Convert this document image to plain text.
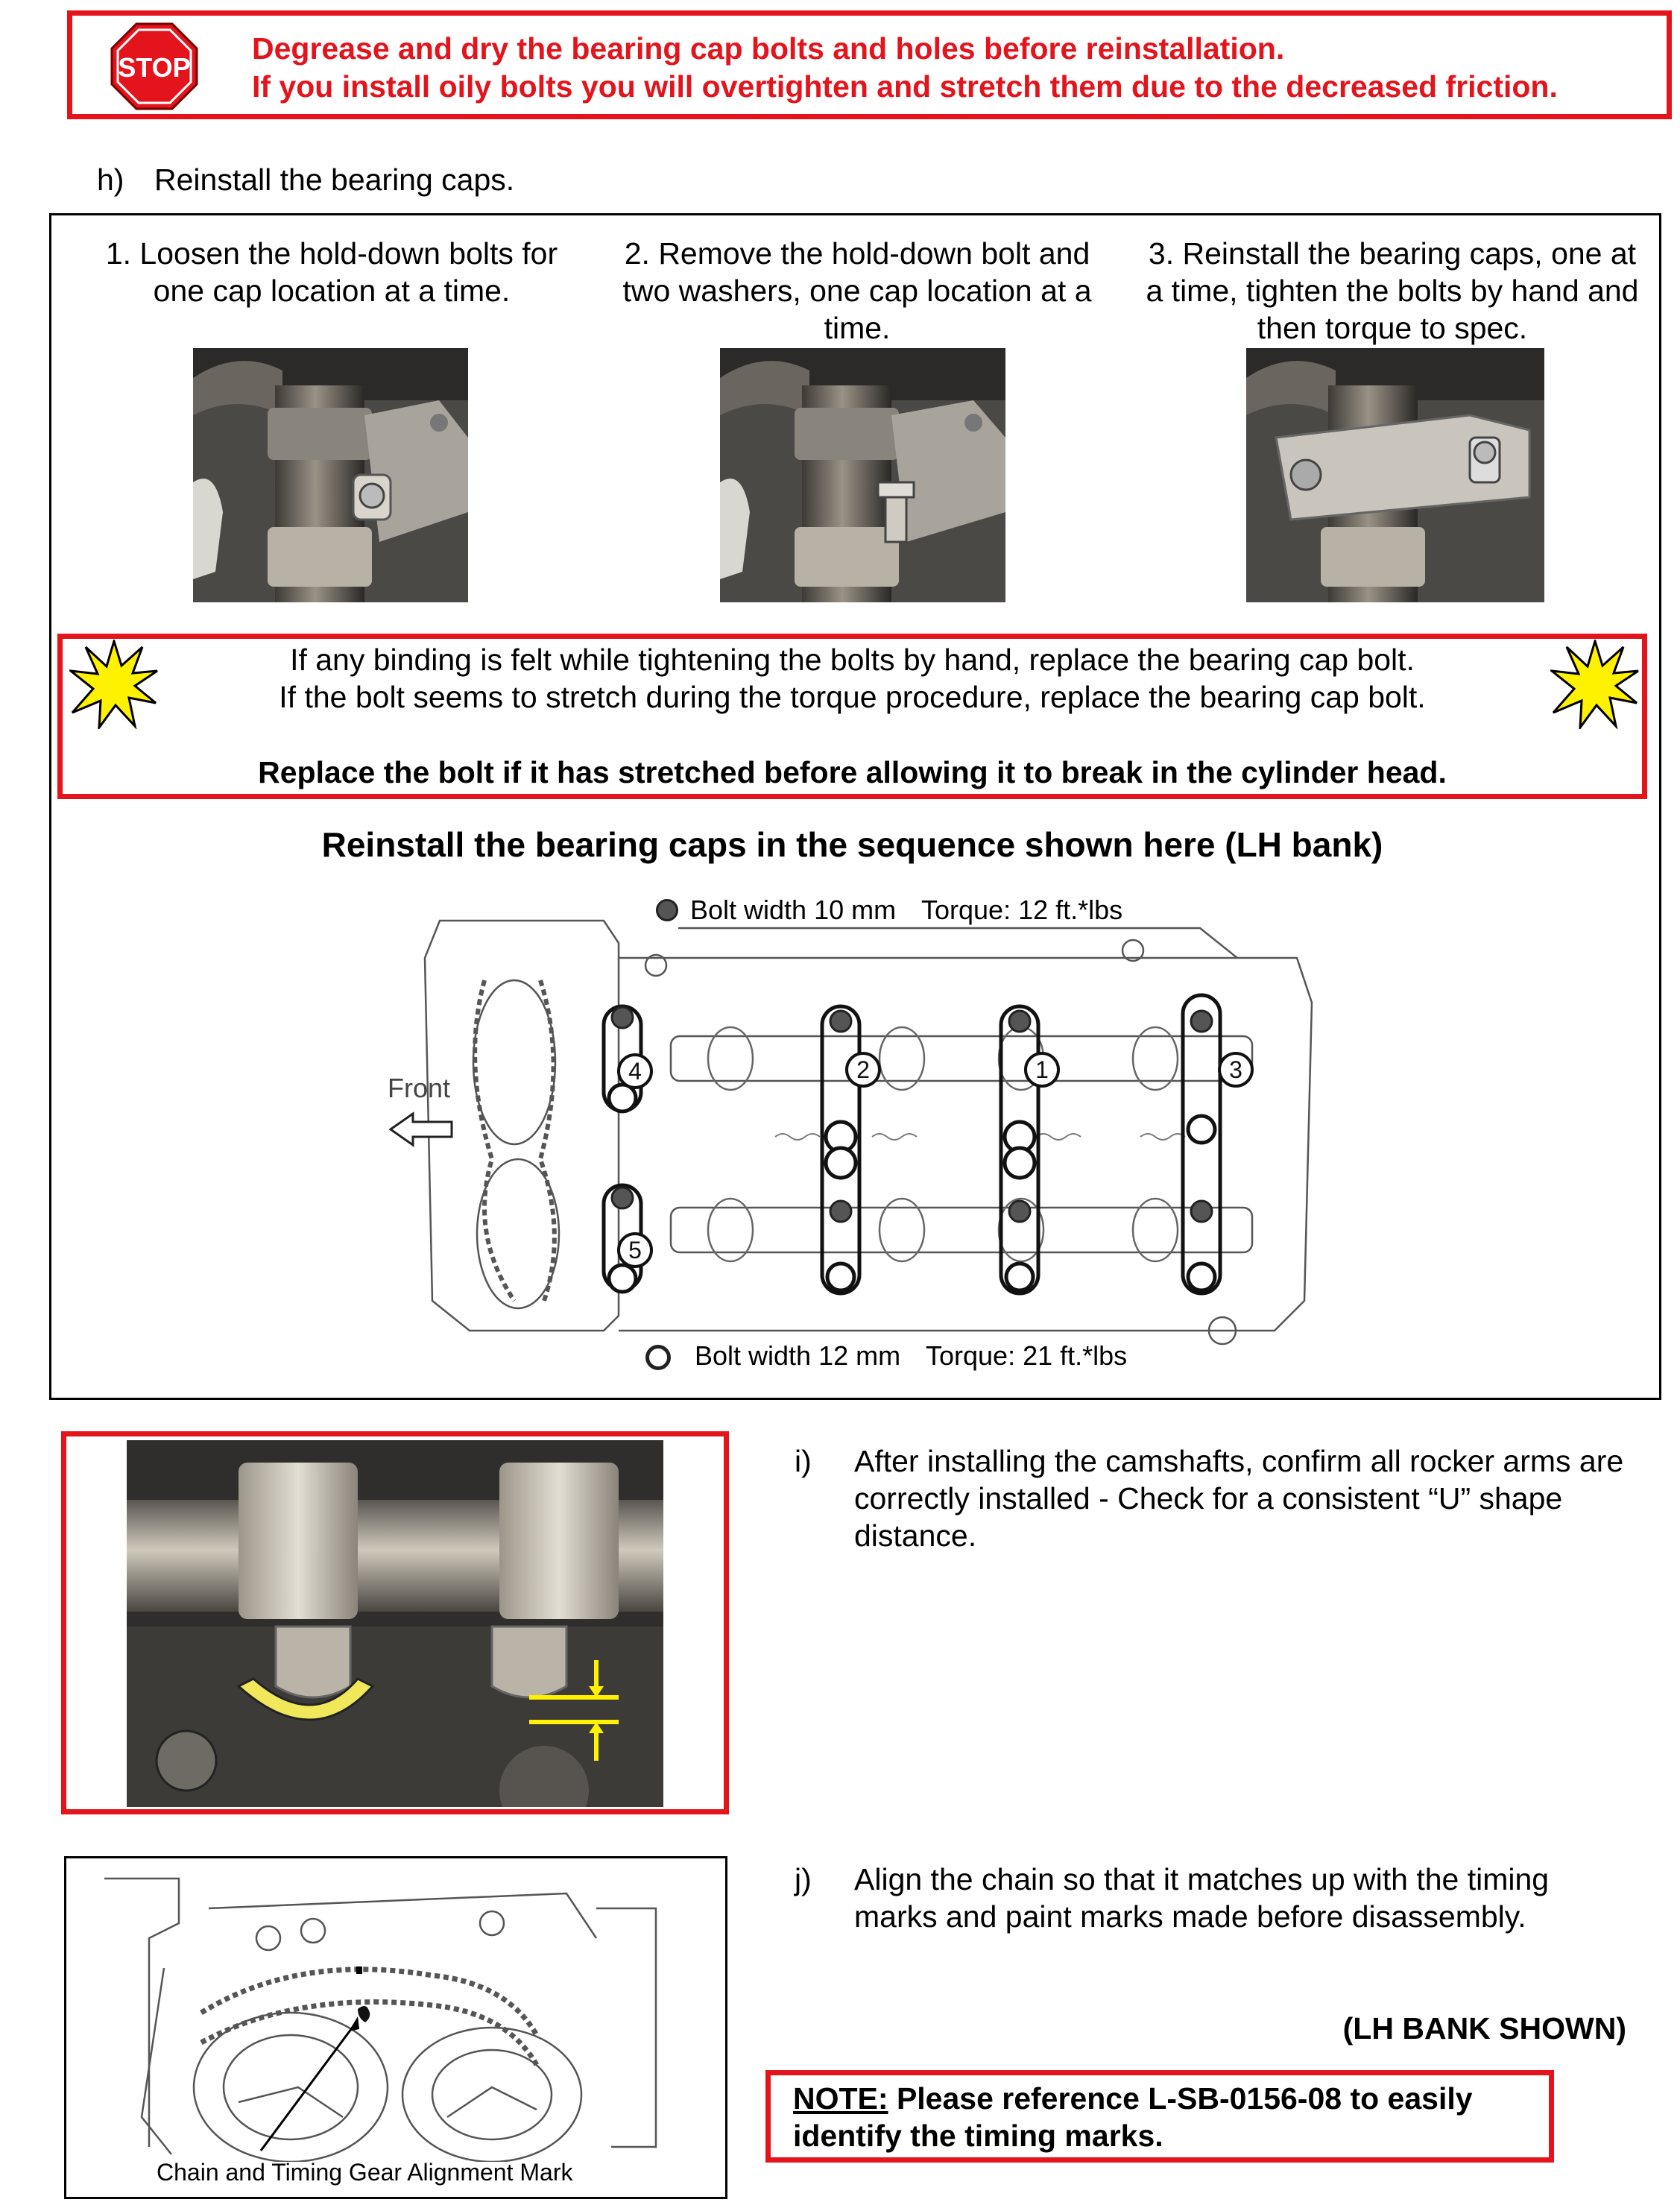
STOP
Degrease and dry the bearing cap bolts and holes before reinstallation.
If you install oily bolts you will overtighten and stretch them due to the decreased friction.
h) Reinstall the bearing caps.
1. Loosen the hold-down bolts for one cap location at a time.
2. Remove the hold-down bolt and two washers, one cap location at a time.
3. Reinstall the bearing caps, one at a time, tighten the bolts by hand and then torque to spec.
If any binding is felt while tightening the bolts by hand, replace the bearing cap bolt.
If the bolt seems to stretch during the torque procedure, replace the bearing cap bolt.
Replace the bolt if it has stretched before allowing it to break in the cylinder head.
Reinstall the bearing caps in the sequence shown here (LH bank)
Bolt width 10 mm Torque: 12 ft.*lbs
4	2	1	3
5
Front
Bolt width 12 mm Torque: 21 ft.*lbs
i) After installing the camshafts, confirm all rocker arms are correctly installed - Check for a consistent “U” shape distance.
Chain and Timing Gear Alignment Mark
j) Align the chain so that it matches up with the timing marks and paint marks made before disassembly.
(LH BANK SHOWN)
NOTE: Please reference L-SB-0156-08 to easily identify the timing marks.
